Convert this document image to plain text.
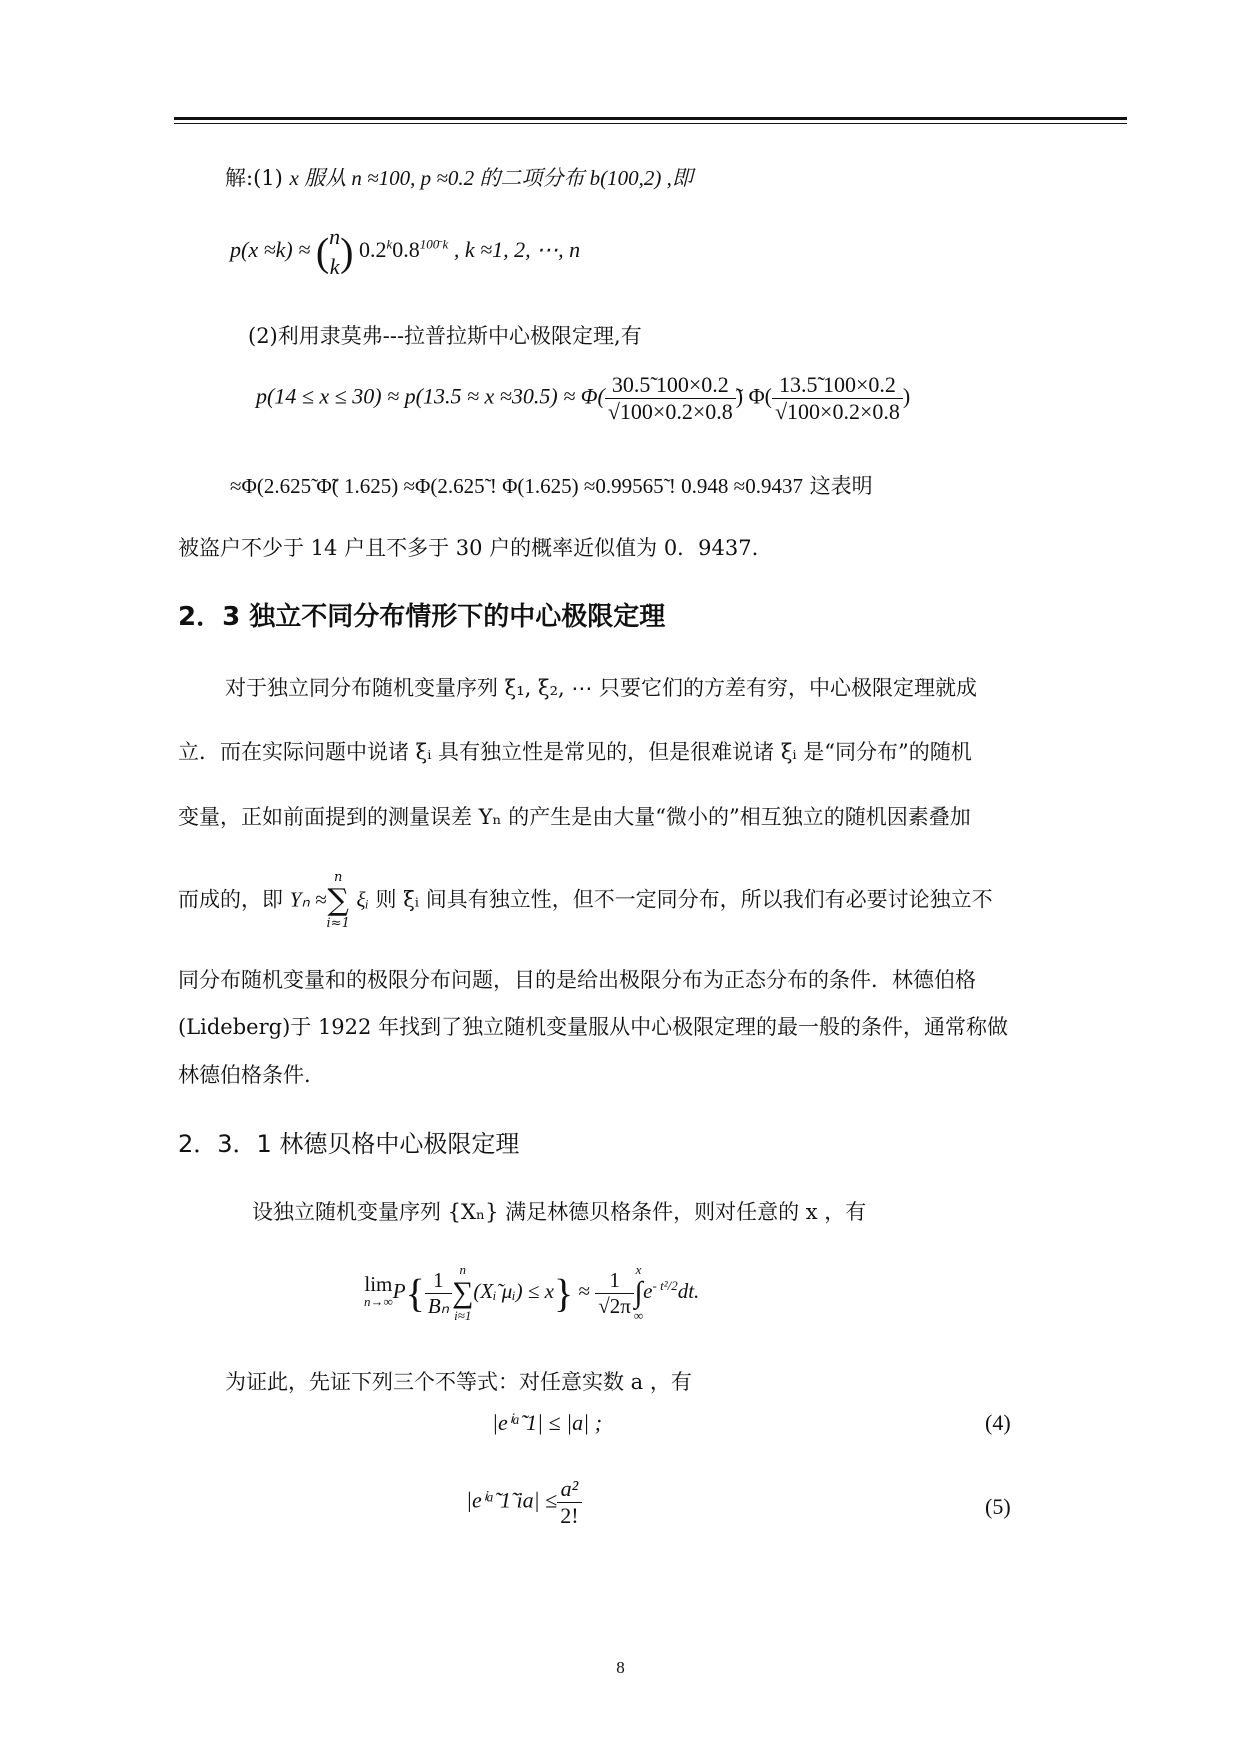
解:(1) x 服从 n ≈100, p ≈0.2 的二项分布 b(100,2) ,即
p(x ≈k) ≈ ( n
k ) $0.2^k0.8^{100̄ k}$ , k ≈1, 2, ⋯, n
(2)利用隶莫弗---拉普拉斯中心极限定理,有
$p(14 \le x \le 30) \approx p(13.5 \approx x \approx 30.5) \approx \Phi( \frac{30.5̃ 100\times 0.2}{√100\times 0.2\times 0.8}$ ̃) $\Phi( \frac{13.5̃ 100\times 0.2}{√100\times 0.2\times 0.8}$ )
≈Φ(2.625̃ Φ̃( 1.625) ≈Φ(2.625̃ ! Φ(1.625) ≈0.99565̃ ! 0.948 ≈0.9437 这表明
被盗户不少于 14 户且不多于 30 户的概率近似值为 0．9437.
2．3 独立不同分布情形下的中心极限定理
对于独立同分布随机变量序列 ξ₁, ξ₂, ⋯ 只要它们的方差有穷，中心极限定理就成
立．而在实际问题中说诸 ξᵢ 具有独立性是常见的，但是很难说诸 ξᵢ 是“同分布”的随机
变量，正如前面提到的测量误差 Yₙ 的产生是由大量“微小的”相互独立的随机因素叠加
而成的，即 Yₙ ≈
n
∑
i≈1
ξᵢ 则 ξᵢ 间具有独立性，但不一定同分布，所以我们有必要讨论独立不
同分布随机变量和的极限分布问题，目的是给出极限分布为正态分布的条件．林德伯格
(Lideberg)于 1922 年找到了独立随机变量服从中心极限定理的最一般的条件，通常称做
林德伯格条件.
2．3．1 林德贝格中心极限定理
设独立随机变量序列 {Xₙ} 满足林德贝格条件，则对任意的 x ，有
lim
n→∞ $P\{ \frac{1}{\text{Bₙ}}$ n
∑
i≈1
(Xᵢ̃ μᵢ) ≤ $x\} \approx \frac{1}{√2\pi}$ x
∫
∞
$e^{- t^2/2}dt$.
为证此，先证下列三个不等式：对任意实数 a ，有
|eⁱᵃ̃ 1| ≤ |a| ;	(4)
|eⁱᵃ̃ 1̃ $ia| \le \frac{\text{a²}}{2!}$	(5)
8
